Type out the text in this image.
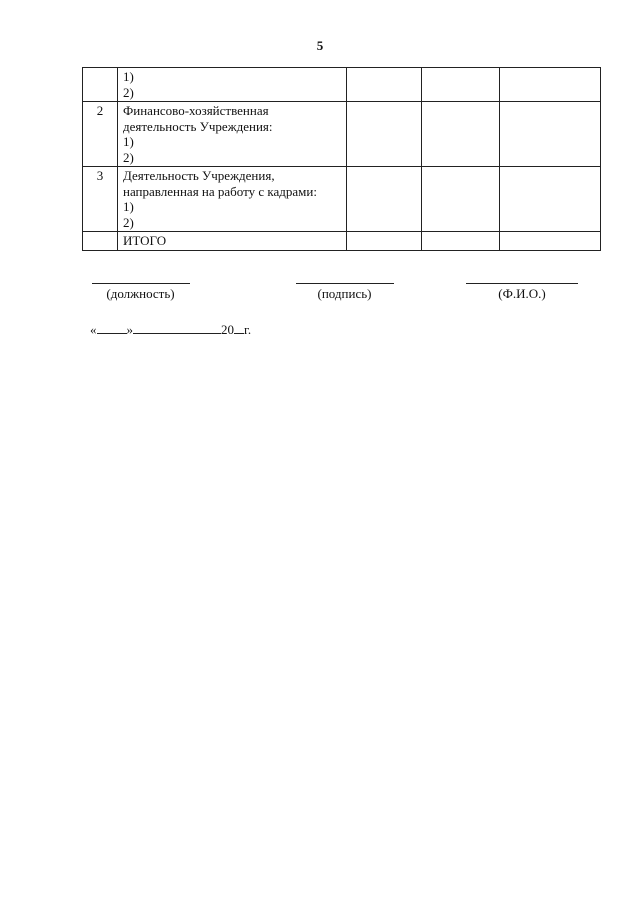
5

	1)
2)			

2	Финансово-хозяйственная
деятельность Учреждения:
1)
2)			

3	Деятельность Учреждения,
направленная на работу с кадрами:
1)
2)			

	ИТОГО			

(должность)	(подпись)	(Ф.И.О.)
« »	20 г.
